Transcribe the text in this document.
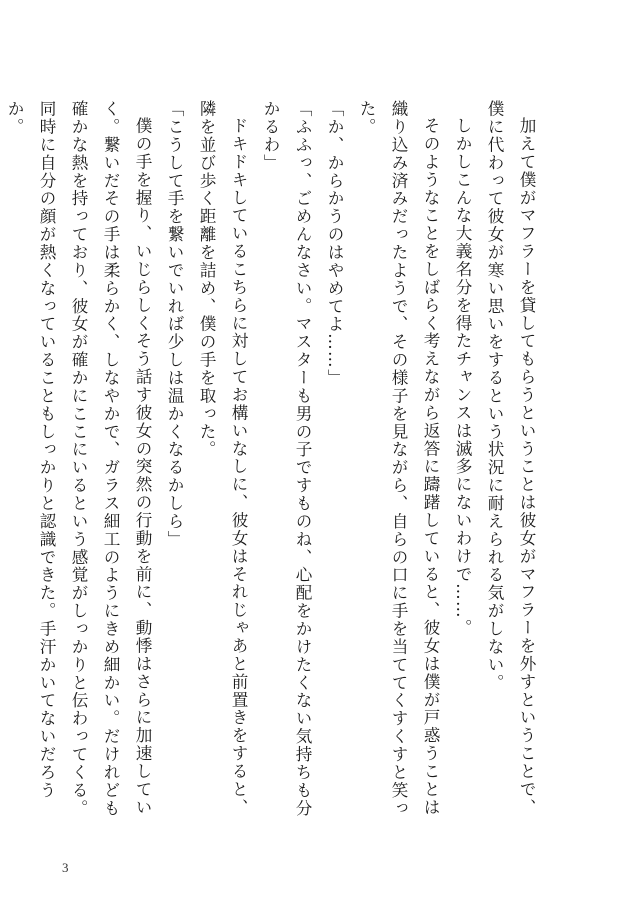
加えて僕がマフラーを貸してもらうということは彼女がマフラーを外すということで、僕に代わって彼女が寒い思いをするという状況に耐えられる気がしない。

しかしこんな大義名分を得たチャンスは滅多にないわけで……。

そのようなことをしばらく考えながら返答に躊躇していると、彼女は僕が戸惑うことは織り込み済みだったようで、その様子を見ながら、自らの口に手を当ててくすくすと笑った。

「か、からかうのはやめてよ……」

「ふふっ、ごめんなさい。マスターも男の子ですものね、心配をかけたくない気持ちも分かるわ」

ドキドキしているこちらに対してお構いなしに、彼女はそれじゃあと前置きをすると、隣を並び歩く距離を詰め、僕の手を取った。

「こうして手を繋いでいれば少しは温かくなるかしら」

僕の手を握り、いじらしくそう話す彼女の突然の行動を前に、動悸はさらに加速していく。繋いだその手は柔らかく、しなやかで、ガラス細工のようにきめ細かい。だけれども確かな熱を持っており、彼女が確かにここにいるという感覚がしっかりと伝わってくる。同時に自分の顔が熱くなっていることもしっかりと認識できた。手汗かいてないだろうか。

3
